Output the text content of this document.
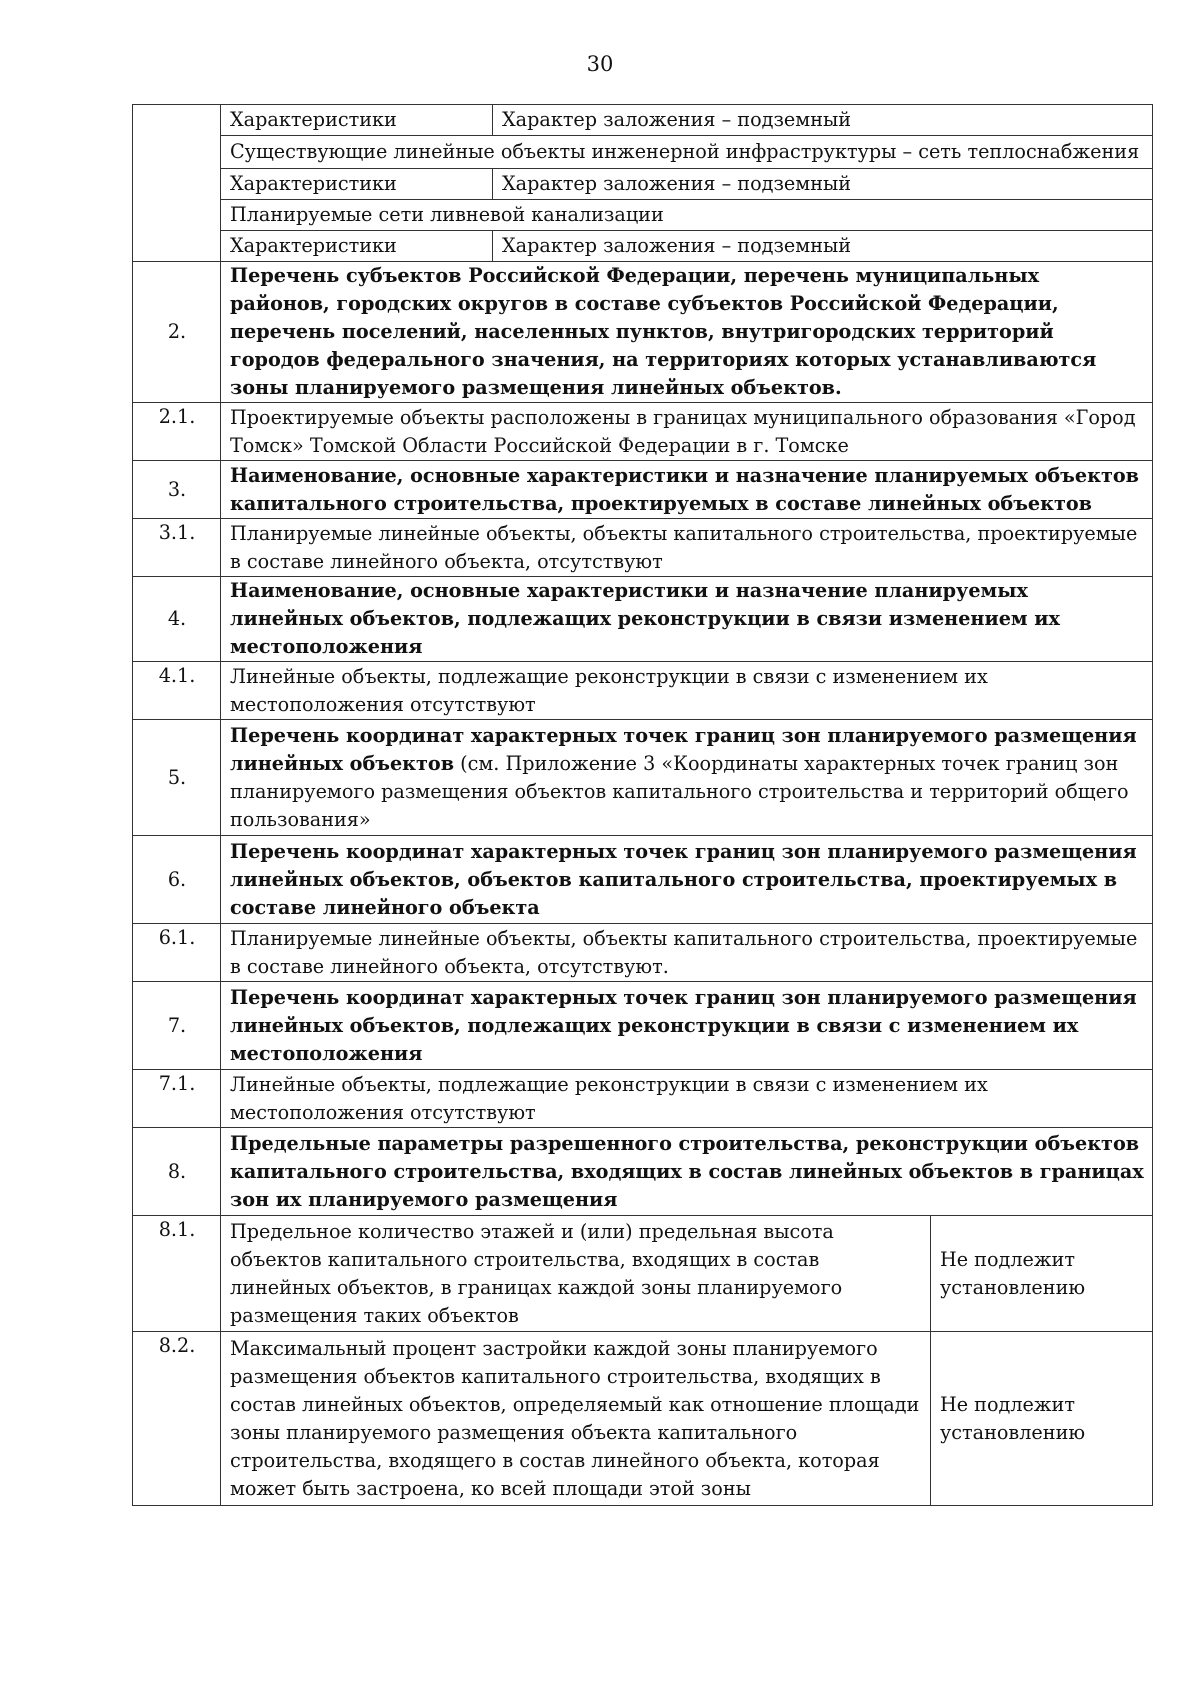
30
	Характеристики	Характер заложения – подземный	
	Существующие линейные объекты инженерной инфраструктуры – сеть теплоснабжения		
	Характеристики	Характер заложения – подземный	
	Планируемые сети ливневой канализации		
	Характеристики	Характер заложения – подземный	
2.	Перечень субъектов Российской Федерации, перечень муниципальных районов, городских округов в составе субъектов Российской Федерации, перечень поселений, населенных пунктов, внутригородских территорий городов федерального значения, на территориях которых устанавливаются зоны планируемого размещения линейных объектов.		
2.1.	Проектируемые объекты расположены в границах муниципального образования «Город Томск» Томской Области Российской Федерации в г. Томске		
3.	Наименование, основные характеристики и назначение планируемых объектов капитального строительства, проектируемых в составе линейных объектов		
3.1.	Планируемые линейные объекты, объекты капитального строительства, проектируемые в составе линейного объекта, отсутствуют		
4.	Наименование, основные характеристики и назначение планируемых линейных объектов, подлежащих реконструкции в связи изменением их местоположения		
4.1.	Линейные объекты, подлежащие реконструкции в связи с изменением их местоположения отсутствуют		
5.	Перечень координат характерных точек границ зон планируемого размещения линейных объектов (см. Приложение 3 «Координаты характерных точек границ зон планируемого размещения объектов капитального строительства и территорий общего пользования»		
6.	Перечень координат характерных точек границ зон планируемого размещения линейных объектов, объектов капитального строительства, проектируемых в составе линейного объекта		
6.1.	Планируемые линейные объекты, объекты капитального строительства, проектируемые в составе линейного объекта, отсутствуют.		
7.	Перечень координат характерных точек границ зон планируемого размещения линейных объектов, подлежащих реконструкции в связи с изменением их местоположения		
7.1.	Линейные объекты, подлежащие реконструкции в связи с изменением их местоположения отсутствуют		
8.	Предельные параметры разрешенного строительства, реконструкции объектов капитального строительства, входящих в состав линейных объектов в границах зон их планируемого размещения		
8.1.	Предельное количество этажей и (или) предельная высота объектов капитального строительства, входящих в состав линейных объектов, в границах каждой зоны планируемого размещения таких объектов		Не подлежит установлению
8.2.	Максимальный процент застройки каждой зоны планируемого размещения объектов капитального строительства, входящих в состав линейных объектов, определяемый как отношение площади зоны планируемого размещения объекта капитального строительства, входящего в состав линейного объекта, которая может быть застроена, ко всей площади этой зоны		Не подлежит установлению
